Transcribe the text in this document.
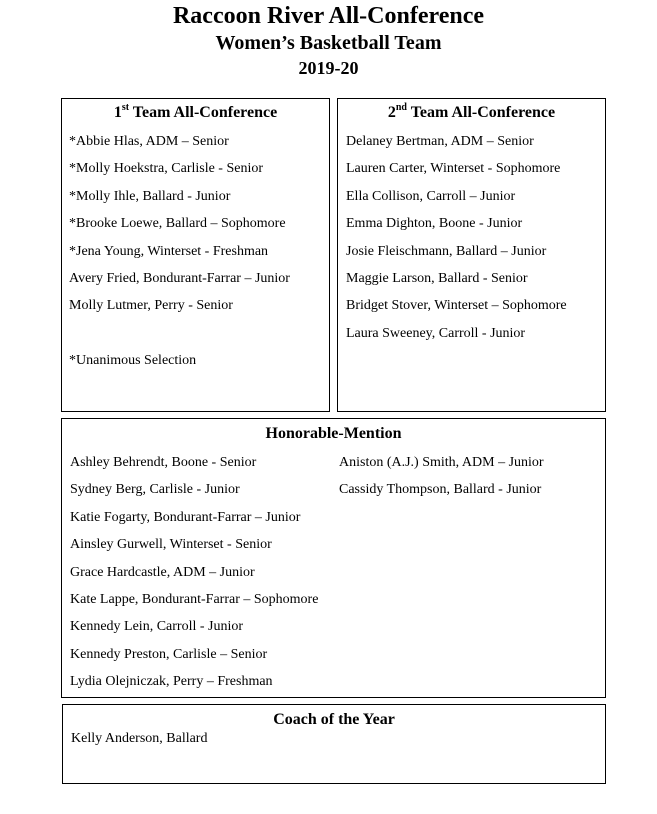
Raccoon River All-Conference
Women’s Basketball Team
2019-20
1st Team All-Conference
*Abbie Hlas, ADM – Senior
*Molly Hoekstra, Carlisle - Senior
*Molly Ihle, Ballard - Junior
*Brooke Loewe, Ballard – Sophomore
*Jena Young, Winterset - Freshman
Avery Fried, Bondurant-Farrar – Junior
Molly Lutmer, Perry - Senior
*Unanimous Selection
2nd Team All-Conference
Delaney Bertman, ADM – Senior
Lauren Carter, Winterset - Sophomore
Ella Collison, Carroll – Junior
Emma Dighton, Boone - Junior
Josie Fleischmann, Ballard – Junior
Maggie Larson, Ballard - Senior
Bridget Stover, Winterset – Sophomore
Laura Sweeney, Carroll - Junior
Honorable-Mention
Ashley Behrendt, Boone - Senior
Sydney Berg, Carlisle - Junior
Katie Fogarty, Bondurant-Farrar – Junior
Ainsley Gurwell, Winterset - Senior
Grace Hardcastle, ADM – Junior
Kate Lappe, Bondurant-Farrar – Sophomore
Kennedy Lein, Carroll - Junior
Kennedy Preston, Carlisle – Senior
Lydia Olejniczak, Perry – Freshman
Aniston (A.J.) Smith, ADM – Junior
Cassidy Thompson, Ballard - Junior
Coach of the Year
Kelly Anderson, Ballard
